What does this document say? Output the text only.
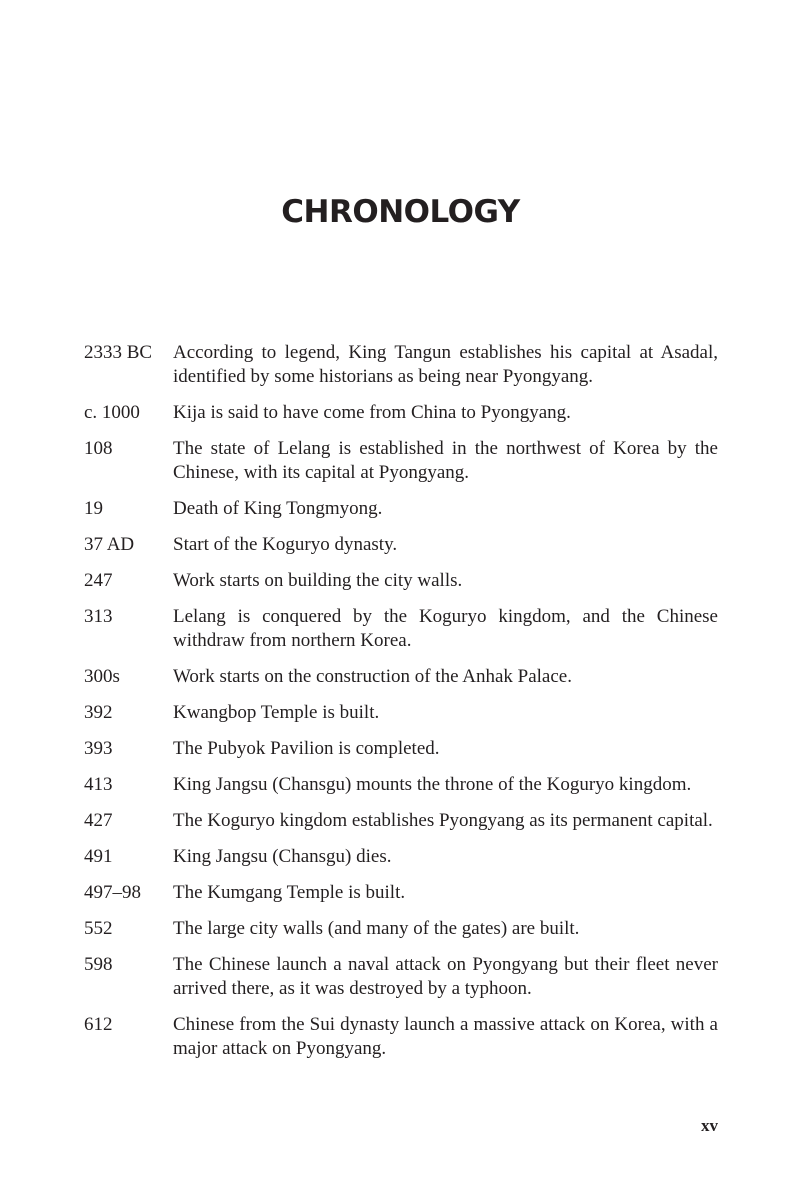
CHRONOLOGY
2333 BC	According to legend, King Tangun establishes his capital at Asadal, identified by some historians as being near Pyongyang.
c. 1000	Kija is said to have come from China to Pyongyang.
108	The state of Lelang is established in the northwest of Korea by the Chinese, with its capital at Pyongyang.
19	Death of King Tongmyong.
37 AD	Start of the Koguryo dynasty.
247	Work starts on building the city walls.
313	Lelang is conquered by the Koguryo kingdom, and the Chinese withdraw from northern Korea.
300s	Work starts on the construction of the Anhak Palace.
392	Kwangbop Temple is built.
393	The Pubyok Pavilion is completed.
413	King Jangsu (Chansgu) mounts the throne of the Koguryo kingdom.
427	The Koguryo kingdom establishes Pyongyang as its permanent capital.
491	King Jangsu (Chansgu) dies.
497–98	The Kumgang Temple is built.
552	The large city walls (and many of the gates) are built.
598	The Chinese launch a naval attack on Pyongyang but their fleet never arrived there, as it was destroyed by a typhoon.
612	Chinese from the Sui dynasty launch a massive attack on Korea, with a major attack on Pyongyang.
xv
